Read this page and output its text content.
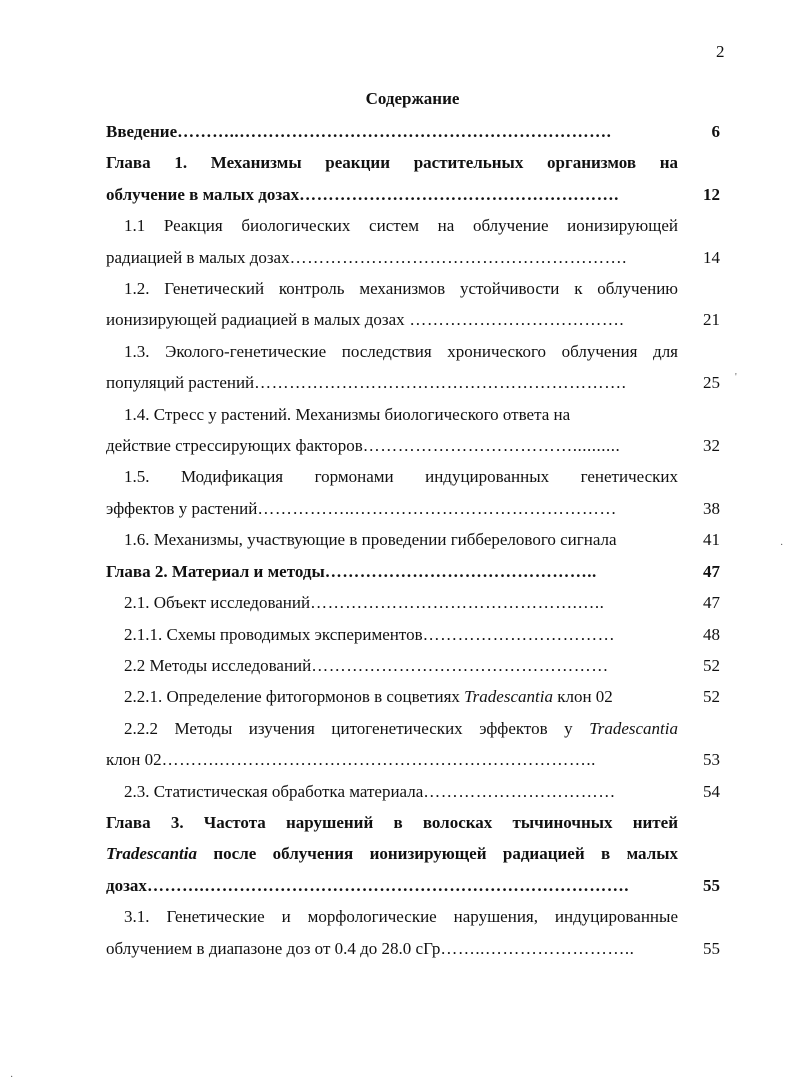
2
Содержание
Введение………..……………………………………………………….	6
Глава 1. Механизмы реакции растительных организмов на
облучение в малых дозах……………………………………………….	12
1.1 Реакция биологических систем на облучение ионизирующей
радиацией в малых дозах………………………………………………….	14
1.2. Генетический контроль механизмов устойчивости к облучению
ионизирующей радиацией в малых дозах ……………………………….	21
1.3. Эколого-генетические последствия хронического облучения для
популяций растений……………………………………………………….	25
1.4. Стресс у растений. Механизмы биологического ответа на
действие стрессирующих факторов………………………………..........	32
1.5. Модификация гормонами индуцированных генетических
эффектов у растений……………..………………………………………	38
1.6. Механизмы, участвующие в проведении гибберелового сигнала	41
Глава 2. Материал и методы………………………………………..	47
2.1. Объект исследований……………………………………….…..	47
2.1.1. Схемы проводимых экспериментов……………………………	48
2.2 Методы исследований……………………………………………	52
2.2.1. Определение фитогормонов в соцветиях Tradescantia клон 02	52
2.2.2 Методы изучения цитогенетических эффектов у Tradescantia
клон 02……….………………………………………………………..	53
2.3. Статистическая обработка материала……………………………	54
Глава 3. Частота нарушений в волосках тычиночных нитей
Tradescantia после облучения ионизирующей радиацией в малых
дозах……….……………………………………………………………….	55
3.1. Генетические и морфологические нарушения, индуцированные
облучением в диапазоне доз от 0.4 до 28.0 сГр……..……………………..	55
'
·
·
